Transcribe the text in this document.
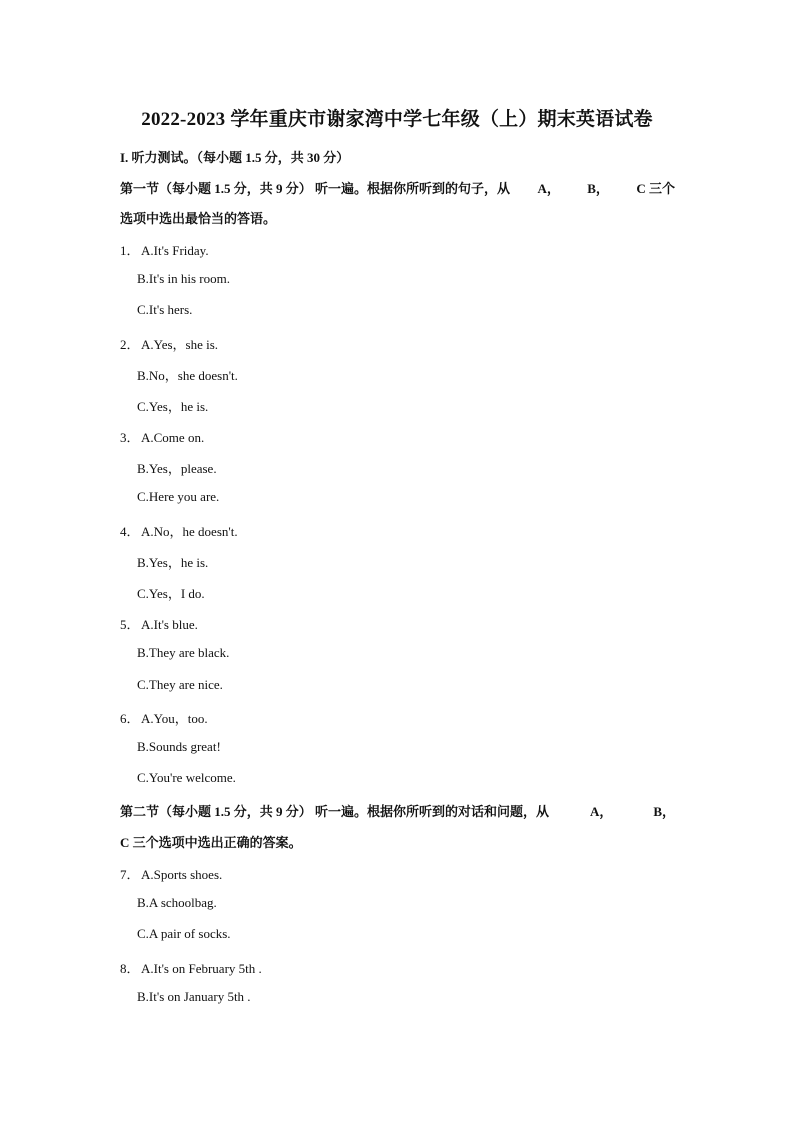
2022-2023 学年重庆市谢家湾中学七年级（上）期末英语试卷
I. 听力测试。（每小题 1.5 分，共 30 分）
第一节（每小题 1.5 分，共 9 分） 听一遍。根据你所听到的句子，从 A， B， C 三个
选项中选出最恰当的答语。
1．A.It's Friday.
B.It's in his room.
C.It's hers.
2．A.Yes，she is.
B.No，she doesn't.
C.Yes，he is.
3．A.Come on.
B.Yes，please.
C.Here you are.
4．A.No，he doesn't.
B.Yes，he is.
C.Yes，I do.
5．A.It's blue.
B.They are black.
C.They are nice.
6．A.You，too.
B.Sounds great!
C.You're welcome.
第二节（每小题 1.5 分，共 9 分） 听一遍。根据你所听到的对话和问题，从	A，	B，
C 三个选项中选出正确的答案。
7．A.Sports shoes.
B.A schoolbag.
C.A pair of socks.
8．A.It's on February 5th .
B.It's on January 5th .
